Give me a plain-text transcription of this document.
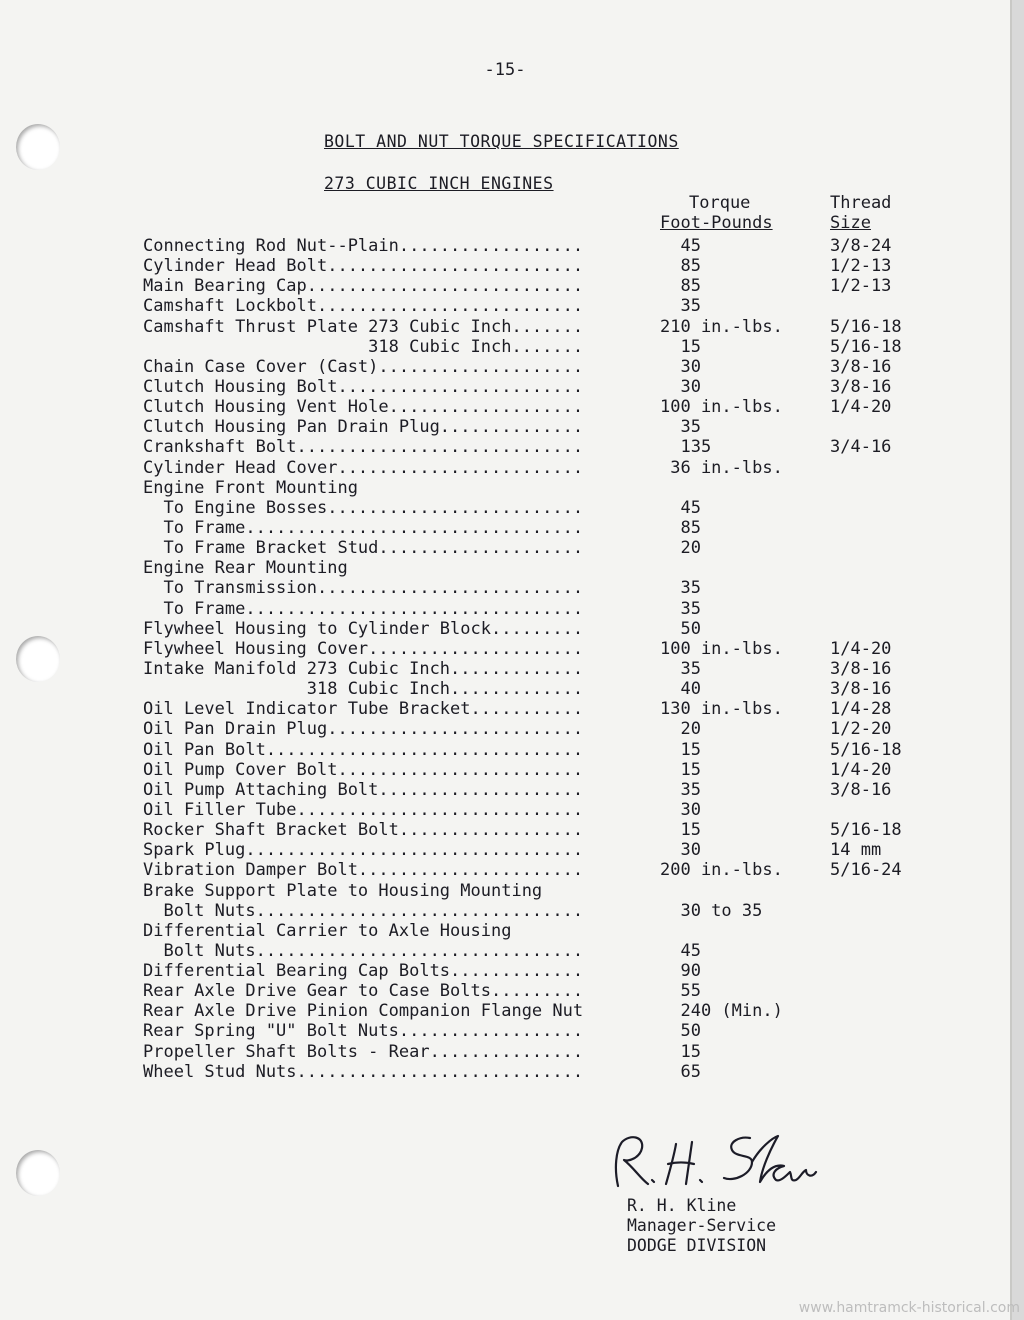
-15-
BOLT AND NUT TORQUE SPECIFICATIONS
273 CUBIC INCH ENGINES
Torque
Foot-Pounds
Thread
Size
Connecting Rod Nut--Plain..................	45	3/8-24
Cylinder Head Bolt.........................	85	1/2-13
Main Bearing Cap...........................	85	1/2-13
Camshaft Lockbolt..........................	35
Camshaft Thrust Plate 273 Cubic Inch.......	210 in.-lbs.	5/16-18
318 Cubic Inch.......	15	5/16-18
Chain Case Cover (Cast)....................	30	3/8-16
Clutch Housing Bolt........................	30	3/8-16
Clutch Housing Vent Hole...................	100 in.-lbs.	1/4-20
Clutch Housing Pan Drain Plug..............	35
Crankshaft Bolt............................	135	3/4-16
Cylinder Head Cover........................	36 in.-lbs.
Engine Front Mounting
To Engine Bosses.........................	45
To Frame.................................	85
To Frame Bracket Stud....................	20
Engine Rear Mounting
To Transmission..........................	35
To Frame.................................	35
Flywheel Housing to Cylinder Block.........	50
Flywheel Housing Cover.....................	100 in.-lbs.	1/4-20
Intake Manifold 273 Cubic Inch.............	35	3/8-16
318 Cubic Inch.............	40	3/8-16
Oil Level Indicator Tube Bracket...........	130 in.-lbs.	1/4-28
Oil Pan Drain Plug.........................	20	1/2-20
Oil Pan Bolt...............................	15	5/16-18
Oil Pump Cover Bolt........................	15	1/4-20
Oil Pump Attaching Bolt....................	35	3/8-16
Oil Filler Tube............................	30
Rocker Shaft Bracket Bolt..................	15	5/16-18
Spark Plug.................................	30	14 mm
Vibration Damper Bolt......................	200 in.-lbs.	5/16-24
Brake Support Plate to Housing Mounting
Bolt Nuts................................	30 to 35
Differential Carrier to Axle Housing
Bolt Nuts................................	45
Differential Bearing Cap Bolts.............	90
Rear Axle Drive Gear to Case Bolts.........	55
Rear Axle Drive Pinion Companion Flange Nut	240 (Min.)
Rear Spring "U" Bolt Nuts..................	50
Propeller Shaft Bolts - Rear...............	15
Wheel Stud Nuts............................	65
R. H. Kline
Manager-Service
DODGE DIVISION
www.hamtramck-historical.com
